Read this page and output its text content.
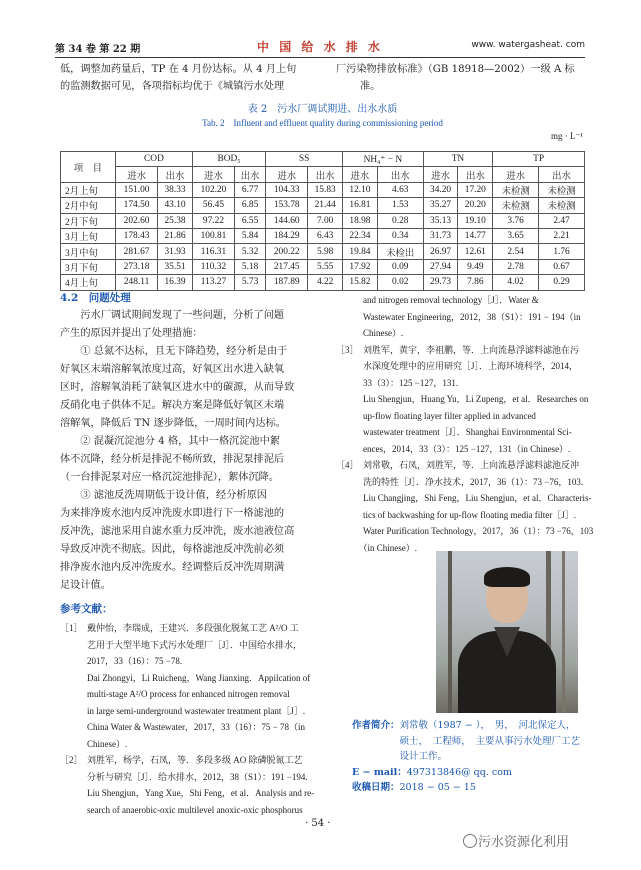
第 34 卷 第 22 期	中 国 给 水 排 水	www. watergasheat. com
低，调整加药量后，TP 在 4 月份达标。从 4 月上旬
的监测数据可见，各项指标均优于《城镇污水处理
厂污染物排放标准》（GB 18918—2002）一级 A 标
准。
表 2　污水厂调试期进、出水水质
Tab. 2　Influent and effluent quality during commissioning period
mg · L⁻¹
项　目	COD		BOD₅		SS		NH₄⁺ − N		TN		TP	
	进水	出水	进水	出水	进水	出水	进水	出水	进水	出水	进水	出水
2月上旬	151.00	38.33	102.20	6.77	104.33	15.83	12.10	4.63	34.20	17.20	未检测	未检测
2月中旬	174.50	43.10	56.45	6.85	153.78	21.44	16.81	1.53	35.27	20.20	未检测	未检测
2月下旬	202.60	25.38	97.22	6.55	144.60	7.00	18.98	0.28	35.13	19.10	3.76	2.47
3月上旬	178.43	21.86	100.81	5.84	184.29	6.43	22.34	0.34	31.73	14.77	3.65	2.21
3月中旬	281.67	31.93	116.31	5.32	200.22	5.98	19.84	未检出	26.97	12.61	2.54	1.76
3月下旬	273.18	35.51	110.32	5.18	217.45	5.55	17.92	0.09	27.94	9.49	2.78	0.67
4月上旬	248.11	16.39	113.27	5.73	187.89	4.22	15.82	0.02	29.73	7.86	4.02	0.29
4.2　问题处理
　　污水厂调试期间发现了一些问题，分析了问题
产生的原因并提出了处理措施：
　　① 总氮不达标，且无下降趋势，经分析是由于
好氧区末端溶解氧浓度过高，好氧区出水进入缺氧
区时，溶解氧消耗了缺氧区进水中的碳源，从而导致
反硝化电子供体不足。解决方案是降低好氧区末端
溶解氧，降低后 TN 逐步降低，一周时间内达标。
　　② 混凝沉淀池分 4 格，其中一格沉淀池中絮
体不沉降，经分析是排泥不畅所致，排泥泵排泥后
（一台排泥泵对应一格沉淀池排泥），絮体沉降。
　　③ 滤池反洗周期低于设计值，经分析原因
为来排净废水池内反冲洗废水即进行下一格滤池的
反冲洗，滤池采用自滤水重力反冲洗，废水池液位高
导致反冲洗不彻底。因此，每格滤池反冲洗前必须
排净废水池内反冲洗废水。经调整后反冲洗周期满
足设计值。
参考文献：
［1］　戴仲怡，李瑞成，王建兴．多段强化脱氮工艺 A²/O 工
　　　艺用于大型半地下式污水处理厂［J］．中国给水排水，
　　　2017，33（16）：75 −78.
　　　Dai Zhongyi，Li Ruicheng，Wang Jianxing．Appilcation of
　　　multi-stage A²/O process for enhanced nitrogen removal
　　　in large semi-underground wastewater treatment plant［J］.
　　　China Water & Wastewater，2017，33（16）：75 − 78（in
　　　Chinese）.
［2］　刘胜军，杨学，石凤，等．多段多级 AO 除磷脱氮工艺
　　　分析与研究［J］．给水排水，2012，38（S1）：191 −194.
　　　Liu Shengjun，Yang Xue，Shi Feng，et al．Analysis and re-
　　　search of anaerobic-oxic multilevel anoxic-oxic phosphorus
　　　and nitrogen removal technology［J］．Water &
　　　Wastewater Engineering，2012，38（S1）：191 − 194（in
　　　Chinese）.
［3］　刘胜军，黄宇，李祖鹏，等．上向流悬浮滤料滤池在污
　　　水深度处理中的应用研究［J］．上海环境科学，2014，
　　　33（3）：125 −127，131.
　　　Liu Shengjun，Huang Yu，Li Zupeng，et al．Researches on
　　　up-flow floating layer filter applied in advanced
　　　wastewater treatment［J］．Shanghai Environmental Sci-
　　　ences，2014，33（3）：125 −127，131（in Chinese）.
［4］　刘常敬，石凤，刘胜军，等．上向流悬浮滤料滤池反冲
　　　洗的特性［J］．净水技术，2017，36（1）：73 −76，103.
　　　Liu Changjing，Shi Feng，Liu Shengjun，et al．Characteris-
　　　tics of backwashing for up-flow floating media filter［J］.
　　　Water Purification Technology，2017，36（1）：73 −76，103
　　　（in Chinese）.
作者简介：刘常敬（1987 − ），　男，　河北保定人，
　　　　　硕士，　工程师，　主要从事污水处理厂工艺
　　　　　设计工作。
E − mail：497313846@ qq. com
收稿日期：2018 − 05 − 15
· 54 ·
污水资源化利用
